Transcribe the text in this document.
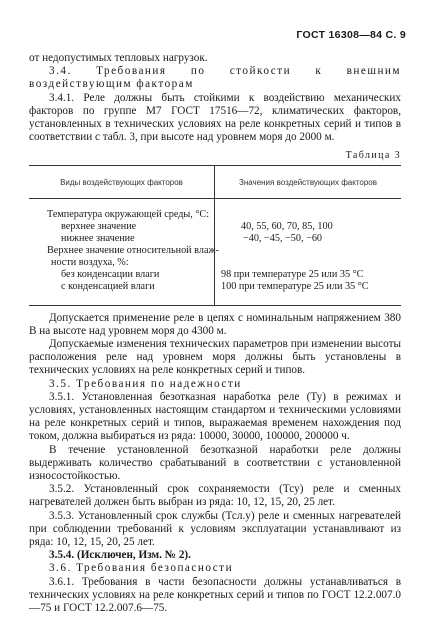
ГОСТ 16308—84 С. 9

от недопустимых тепловых нагрузок.

3.4. Требования по стойкости к внешним воздействующим факторам

3.4.1. Реле должны быть стойкими к воздействию механических факторов по группе М7 ГОСТ 17516—72, климатических факторов, установленных в технических условиях на реле конкретных серий и типов в соответствии с табл. 3, при высоте над уровнем моря до 2000 м.

Таблица 3
Виды воздействующих факторов	Значения воздействующих факторов
Температура окружающей среды, °С:
верхнее значение
нижнее значение
Верхнее значение относительной влаж-
ности воздуха, %:
без конденсации влаги
с конденсацией влаги
40, 55, 60, 70, 85, 100
−40, −45, −50, −60
98 при температуре 25 или 35 °С
100 при температуре 25 или 35 °С

Допускается применение реле в цепях с номинальным напряжением 380 В на высоте над уровнем моря до 4300 м.

Допускаемые изменения технических параметров при изменении высоты расположения реле над уровнем моря должны быть установлены в технических условиях на реле конкретных серий и типов.

3.5. Требования по надежности

3.5.1. Установленная безотказная наработка реле (Ту) в режимах и условиях, установленных настоящим стандартом и техническими условиями на реле конкретных серий и типов, выражаемая временем нахождения под током, должна выбираться из ряда: 10000, 30000, 100000, 200000 ч.

В течение установленной безотказной наработки реле должны выдерживать количество срабатываний в соответствии с установленной износостойкостью.

3.5.2. Установленный срок сохраняемости (Тсу) реле и сменных нагревателей должен быть выбран из ряда: 10, 12, 15, 20, 25 лет.

3.5.3. Установленный срок службы (Тсл.у) реле и сменных нагревателей при соблюдении требований к условиям эксплуатации устанавливают из ряда: 10, 12, 15, 20, 25 лет.

3.5.4. (Исключен, Изм. № 2).

3.6. Требования безопасности

3.6.1. Требования в части безопасности должны устанавливаться в технических условиях на реле конкретных серий и типов по ГОСТ 12.2.007.0—75 и ГОСТ 12.2.007.6—75.
